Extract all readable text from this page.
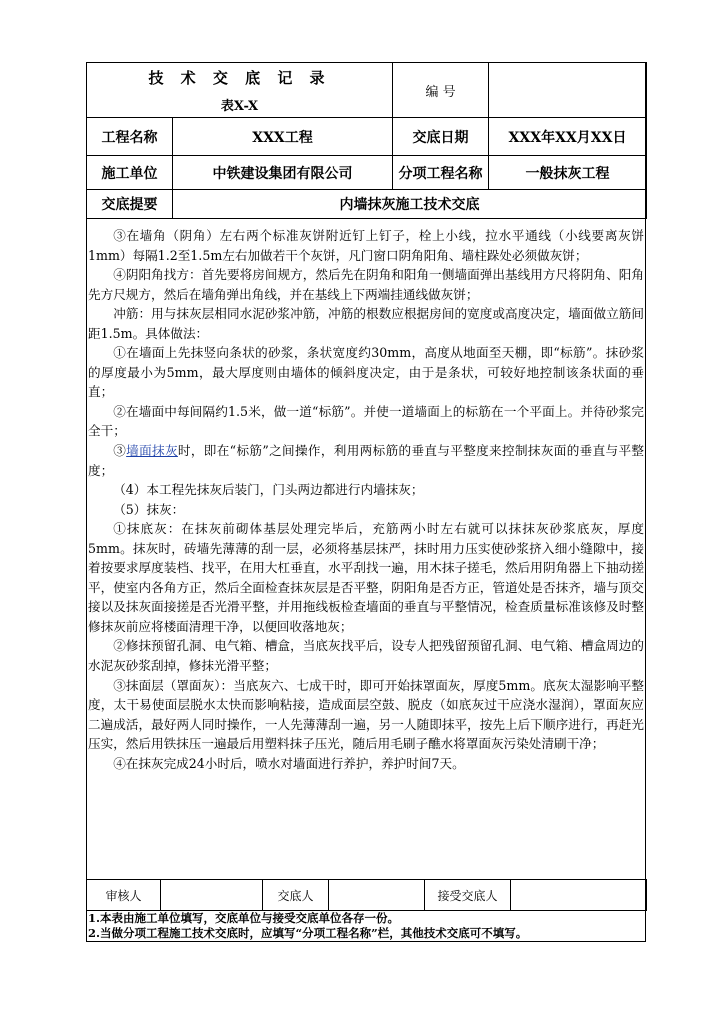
技 术 交 底 记 录
表X-X		编 号	
工程名称	XXX工程	交底日期	XXX年XX月XX日
施工单位	中铁建设集团有限公司	分项工程名称	一般抹灰工程
交底提要	内墙抹灰施工技术交底		

③在墙角（阴角）左右两个标准灰饼附近钉上钉子，栓上小线，拉水平通线（小线要离灰饼1mm）每隔1.2至1.5m左右加做若干个灰饼，凡门窗口阴角阳角、墙柱跺处必须做灰饼；

④阴阳角找方：首先要将房间规方，然后先在阴角和阳角一侧墙面弹出基线用方尺将阴角、阳角先方尺规方，然后在墙角弹出角线，并在基线上下两端挂通线做灰饼；

冲筋：用与抹灰层相同水泥砂浆冲筋，冲筋的根数应根据房间的宽度或高度决定，墙面做立筋间距1.5m。具体做法：

①在墙面上先抹竖向条状的砂浆，条状宽度约30mm，高度从地面至天棚，即“标筋”。抹砂浆的厚度最小为5mm，最大厚度则由墙体的倾斜度决定，由于是条状，可较好地控制该条状面的垂直；

②在墙面中每间隔约1.5米，做一道“标筋”。并使一道墙面上的标筋在一个平面上。并待砂浆完全干；

③墙面抹灰时，即在“标筋”之间操作，利用两标筋的垂直与平整度来控制抹灰面的垂直与平整度；

（4）本工程先抹灰后装门，门头两边都进行内墙抹灰；

（5）抹灰：

①抹底灰：在抹灰前砌体基层处理完毕后，充筋两小时左右就可以抹抹灰砂浆底灰，厚度5mm。抹灰时，砖墙先薄薄的刮一层，必须将基层抹严，抹时用力压实使砂浆挤入细小缝隙中，接着按要求厚度装档、找平，在用大杠垂直，水平刮找一遍，用木抹子搓毛，然后用阴角器上下抽动搓平，使室内各角方正，然后全面检查抹灰层是否平整，阴阳角是否方正，管道处是否抹齐，墙与顶交接以及抹灰面接搓是否光滑平整，并用拖线板检查墙面的垂直与平整情况，检查质量标准该修及时整修抹灰前应将楼面清理干净，以便回收落地灰；

②修抹预留孔洞、电气箱、槽盒，当底灰找平后，设专人把残留预留孔洞、电气箱、槽盒周边的水泥灰砂浆刮掉，修抹光滑平整；

③抹面层（罩面灰）：当底灰六、七成干时，即可开始抹罩面灰，厚度5mm。底灰太湿影响平整度，太干易使面层脱水太快而影响粘接，造成面层空鼓、脱皮（如底灰过干应浇水湿润），罩面灰应二遍成活，最好两人同时操作，一人先薄薄刮一遍，另一人随即抹平，按先上后下顺序进行，再赶光压实，然后用铁抹压一遍最后用塑料抹子压光，随后用毛刷子醮水将罩面灰污染处清刷干净；

④在抹灰完成24小时后，喷水对墙面进行养护，养护时间7天。

审核人		交底人		接受交底人	
1.本表由施工单位填写，交底单位与接受交底单位各存一份。
2.当做分项工程施工技术交底时，应填写“分项工程名称”栏，其他技术交底可不填写。
